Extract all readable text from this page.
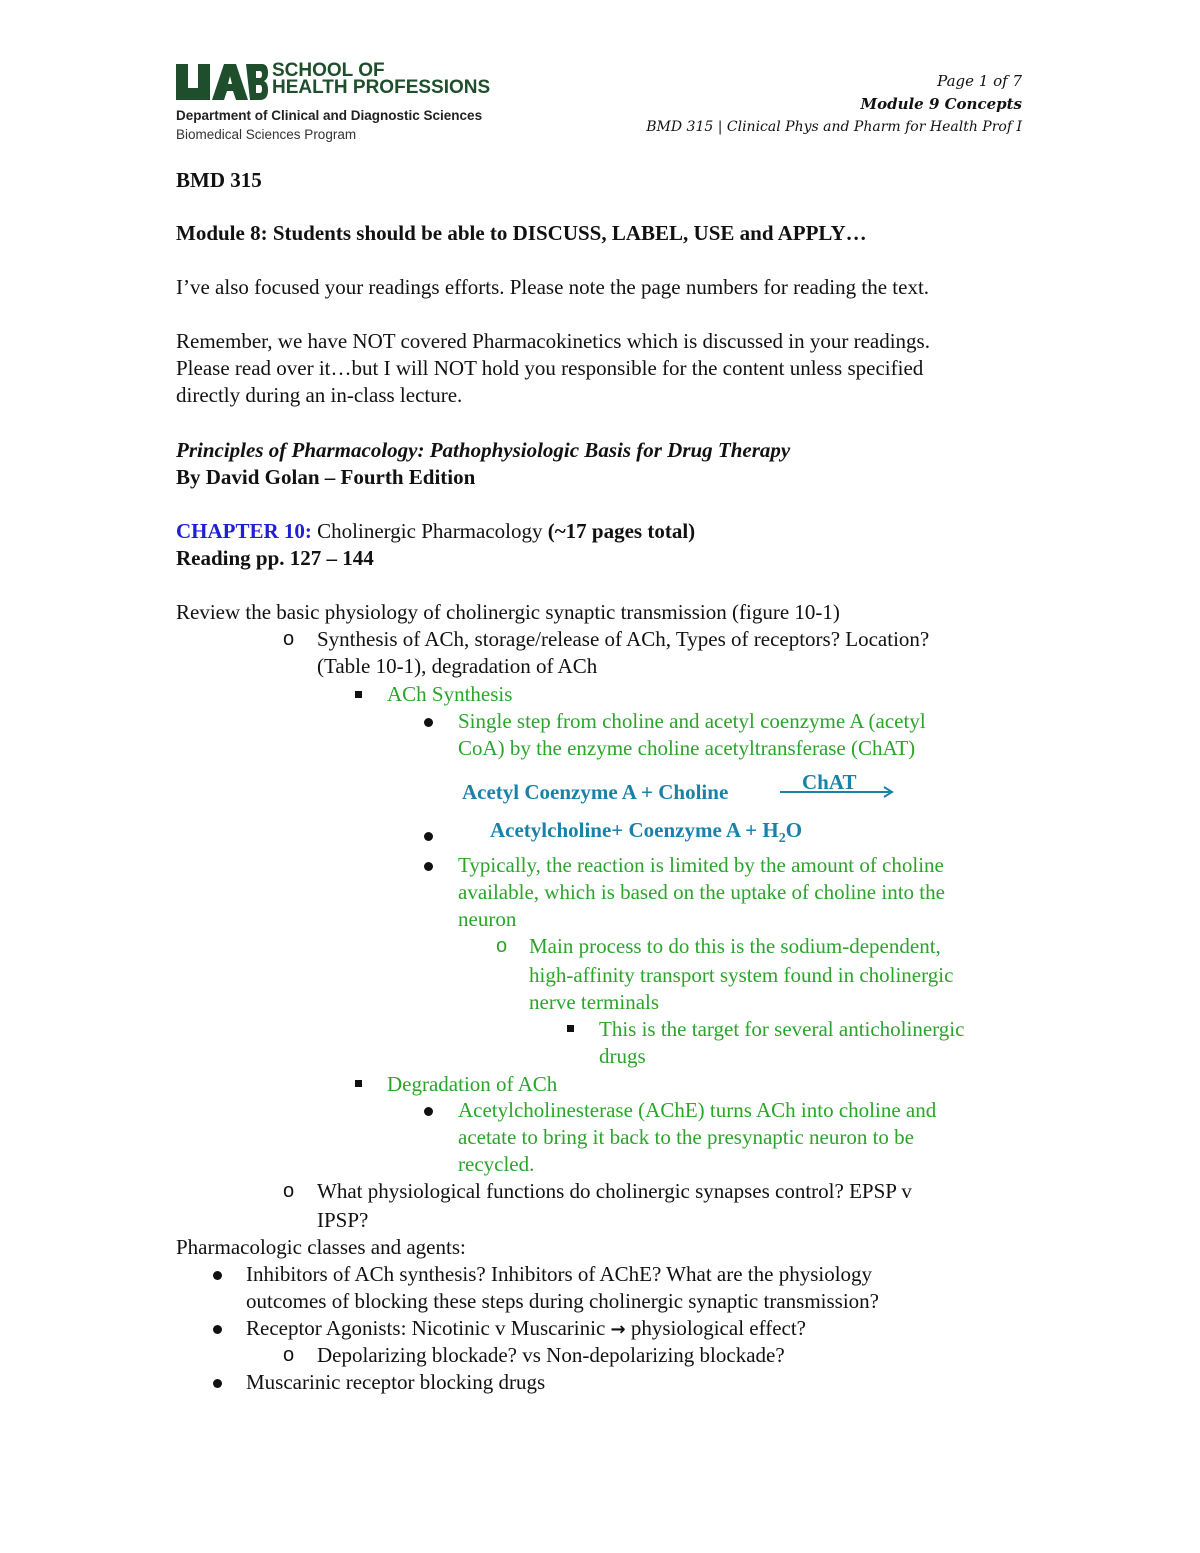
SCHOOL OF
HEALTH PROFESSIONS
Department of Clinical and Diagnostic Sciences
Biomedical Sciences Program
Page 1 of 7
Module 9 Concepts
BMD 315 | Clinical Phys and Pharm for Health Prof I
BMD 315
Module 8: Students should be able to DISCUSS, LABEL, USE and APPLY…
I’ve also focused your readings efforts. Please note the page numbers for reading the text.
Remember, we have NOT covered Pharmacokinetics which is discussed in your readings.
Please read over it…but I will NOT hold you responsible for the content unless specified
directly during an in-class lecture.
Principles of Pharmacology: Pathophysiologic Basis for Drug Therapy
By David Golan – Fourth Edition
CHAPTER 10: Cholinergic Pharmacology (~17 pages total)
Reading pp. 127 – 144
Review the basic physiology of cholinergic synaptic transmission (figure 10-1)
o Synthesis of ACh, storage/release of ACh, Types of receptors? Location?
(Table 10-1), degradation of ACh
ACh Synthesis
Single step from choline and acetyl coenzyme A (acetyl
CoA) by the enzyme choline acetyltransferase (ChAT)
Acetyl Coenzyme A + Choline	ChAT
Acetylcholine+ Coenzyme $A + H_2O$
Typically, the reaction is limited by the amount of choline
available, which is based on the uptake of choline into the
neuron
o Main process to do this is the sodium-dependent,
high-affinity transport system found in cholinergic
nerve terminals
This is the target for several anticholinergic
drugs
Degradation of ACh
Acetylcholinesterase (AChE) turns ACh into choline and
acetate to bring it back to the presynaptic neuron to be
recycled.
o What physiological functions do cholinergic synapses control? EPSP v
IPSP?
Pharmacologic classes and agents:
Inhibitors of ACh synthesis? Inhibitors of AChE? What are the physiology
outcomes of blocking these steps during cholinergic synaptic transmission?
Receptor Agonists: Nicotinic v Muscarinic → physiological effect?
o Depolarizing blockade? vs Non-depolarizing blockade?
Muscarinic receptor blocking drugs
